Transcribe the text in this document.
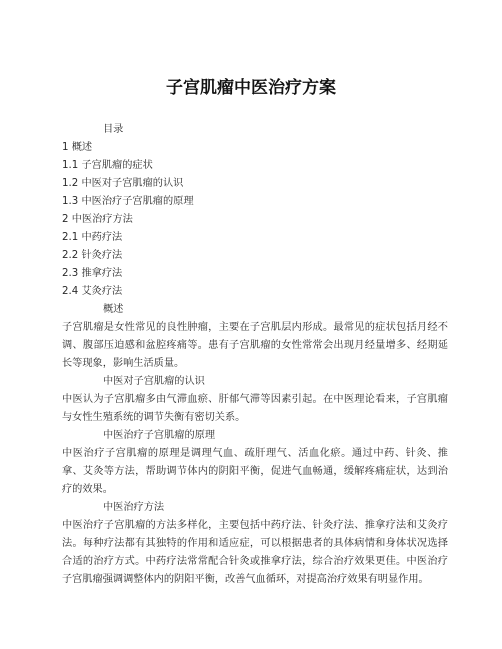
子宫肌瘤中医治疗方案
目录
1 概述
1.1 子宫肌瘤的症状
1.2 中医对子宫肌瘤的认识
1.3 中医治疗子宫肌瘤的原理
2 中医治疗方法
2.1 中药疗法
2.2 针灸疗法
2.3 推拿疗法
2.4 艾灸疗法
概述

子宫肌瘤是女性常见的良性肿瘤，主要在子宫肌层内形成。最常见的症状包括月经不调、腹部压迫感和盆腔疼痛等。患有子宫肌瘤的女性常常会出现月经量增多、经期延长等现象，影响生活质量。

中医对子宫肌瘤的认识

中医认为子宫肌瘤多由气滞血瘀、肝郁气滞等因素引起。在中医理论看来，子宫肌瘤与女性生殖系统的调节失衡有密切关系。

中医治疗子宫肌瘤的原理

中医治疗子宫肌瘤的原理是调理气血、疏肝理气、活血化瘀。通过中药、针灸、推拿、艾灸等方法，帮助调节体内的阴阳平衡，促进气血畅通，缓解疼痛症状，达到治疗的效果。

中医治疗方法

中医治疗子宫肌瘤的方法多样化，主要包括中药疗法、针灸疗法、推拿疗法和艾灸疗法。每种疗法都有其独特的作用和适应症，可以根据患者的具体病情和身体状况选择合适的治疗方式。中药疗法常常配合针灸或推拿疗法，综合治疗效果更佳。中医治疗子宫肌瘤强调调整体内的阴阳平衡，改善气血循环，对提高治疗效果有明显作用。
